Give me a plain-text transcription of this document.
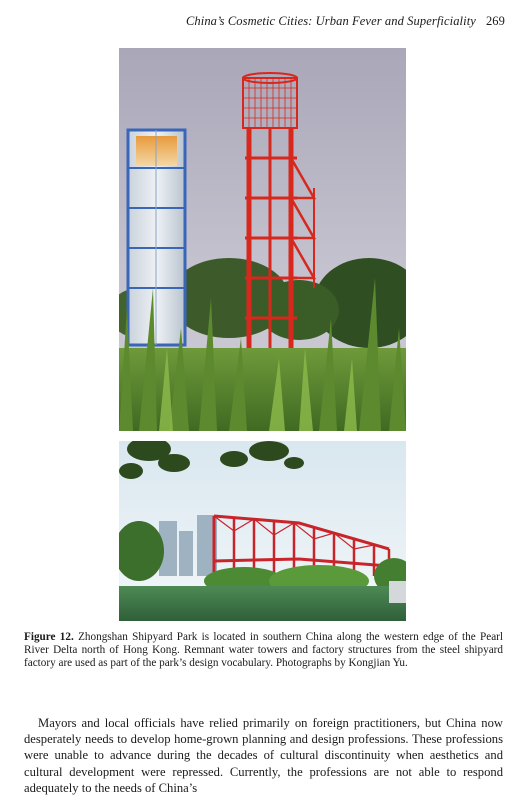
China’s Cosmetic Cities: Urban Fever and Superficiality 269
Figure 12. Zhongshan Shipyard Park is located in southern China along the western edge of the Pearl River Delta north of Hong Kong. Remnant water towers and factory structures from the steel shipyard factory are used as part of the park’s design vocabulary. Photographs by Kongjian Yu.

Mayors and local officials have relied primarily on foreign practitioners, but China now desperately needs to develop home-grown planning and design professions. These professions were unable to advance during the decades of cultural discontinuity when aesthetics and cultural development were repressed. Currently, the professions are not able to respond adequately to the needs of China’s
